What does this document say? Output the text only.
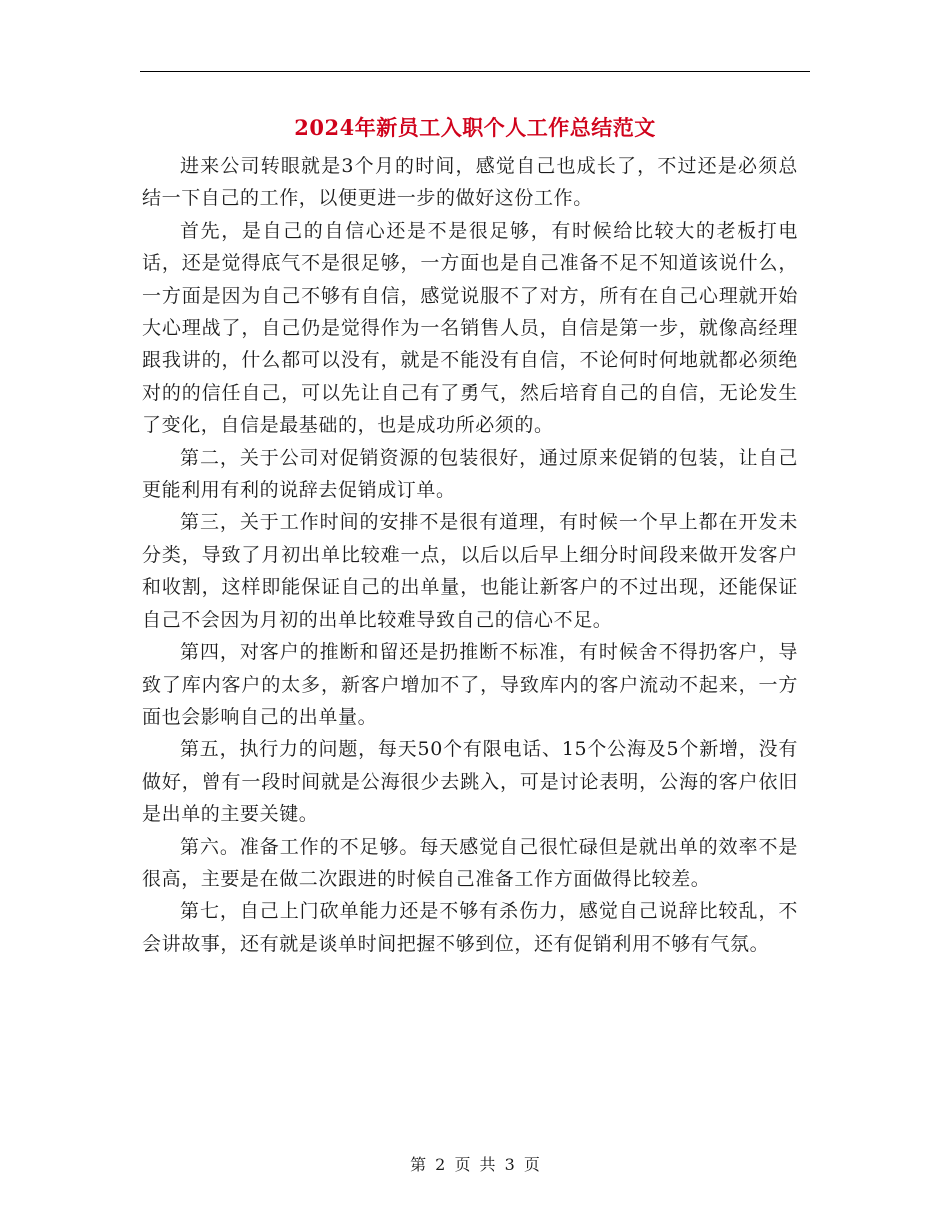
2024年新员工入职个人工作总结范文

进来公司转眼就是3个月的时间，感觉自己也成长了，不过还是必须总结一下自己的工作，以便更进一步的做好这份工作。

首先，是自己的自信心还是不是很足够，有时候给比较大的老板打电话，还是觉得底气不是很足够，一方面也是自己准备不足不知道该说什么，一方面是因为自己不够有自信，感觉说服不了对方，所有在自己心理就开始大心理战了，自己仍是觉得作为一名销售人员，自信是第一步，就像高经理跟我讲的，什么都可以没有，就是不能没有自信，不论何时何地就都必须绝对的的信任自己，可以先让自己有了勇气，然后培育自己的自信，无论发生了变化，自信是最基础的，也是成功所必须的。

第二，关于公司对促销资源的包装很好，通过原来促销的包装，让自己更能利用有利的说辞去促销成订单。

第三，关于工作时间的安排不是很有道理，有时候一个早上都在开发未分类，导致了月初出单比较难一点，以后以后早上细分时间段来做开发客户和收割，这样即能保证自己的出单量，也能让新客户的不过出现，还能保证自己不会因为月初的出单比较难导致自己的信心不足。

第四，对客户的推断和留还是扔推断不标准，有时候舍不得扔客户，导致了库内客户的太多，新客户增加不了，导致库内的客户流动不起来，一方面也会影响自己的出单量。

第五，执行力的问题，每天50个有限电话、15个公海及5个新增，没有做好，曾有一段时间就是公海很少去跳入，可是讨论表明，公海的客户依旧是出单的主要关键。

第六。准备工作的不足够。每天感觉自己很忙碌但是就出单的效率不是很高，主要是在做二次跟进的时候自己准备工作方面做得比较差。

第七，自己上门砍单能力还是不够有杀伤力，感觉自己说辞比较乱，不会讲故事，还有就是谈单时间把握不够到位，还有促销利用不够有气氛。

第 2 页 共 3 页
